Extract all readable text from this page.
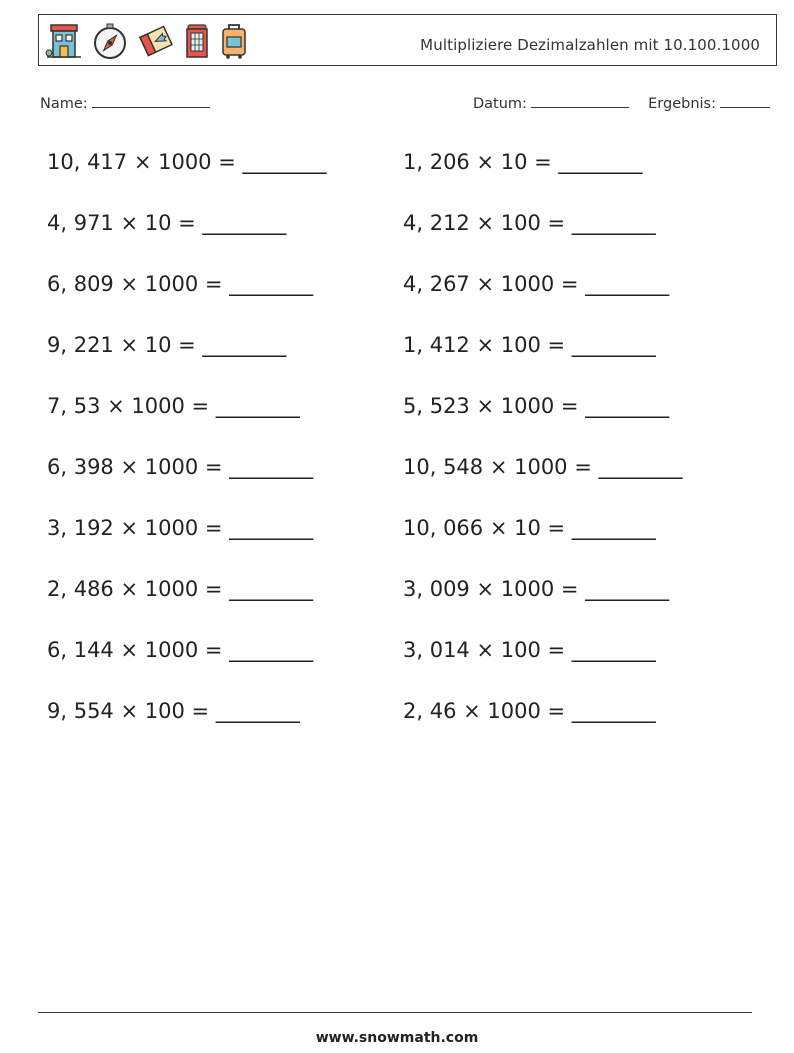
Multipliziere Dezimalzahlen mit 10.100.1000
Name:	Datum:	Ergebnis:
10, 417 × 1000 = ________	1, 206 × 10 = ________
4, 971 × 10 = ________	4, 212 × 100 = ________
6, 809 × 1000 = ________	4, 267 × 1000 = ________
9, 221 × 10 = ________	1, 412 × 100 = ________
7, 53 × 1000 = ________	5, 523 × 1000 = ________
6, 398 × 1000 = ________	10, 548 × 1000 = ________
3, 192 × 1000 = ________	10, 066 × 10 = ________
2, 486 × 1000 = ________	3, 009 × 1000 = ________
6, 144 × 1000 = ________	3, 014 × 100 = ________
9, 554 × 100 = ________	2, 46 × 1000 = ________
www.snowmath.com
